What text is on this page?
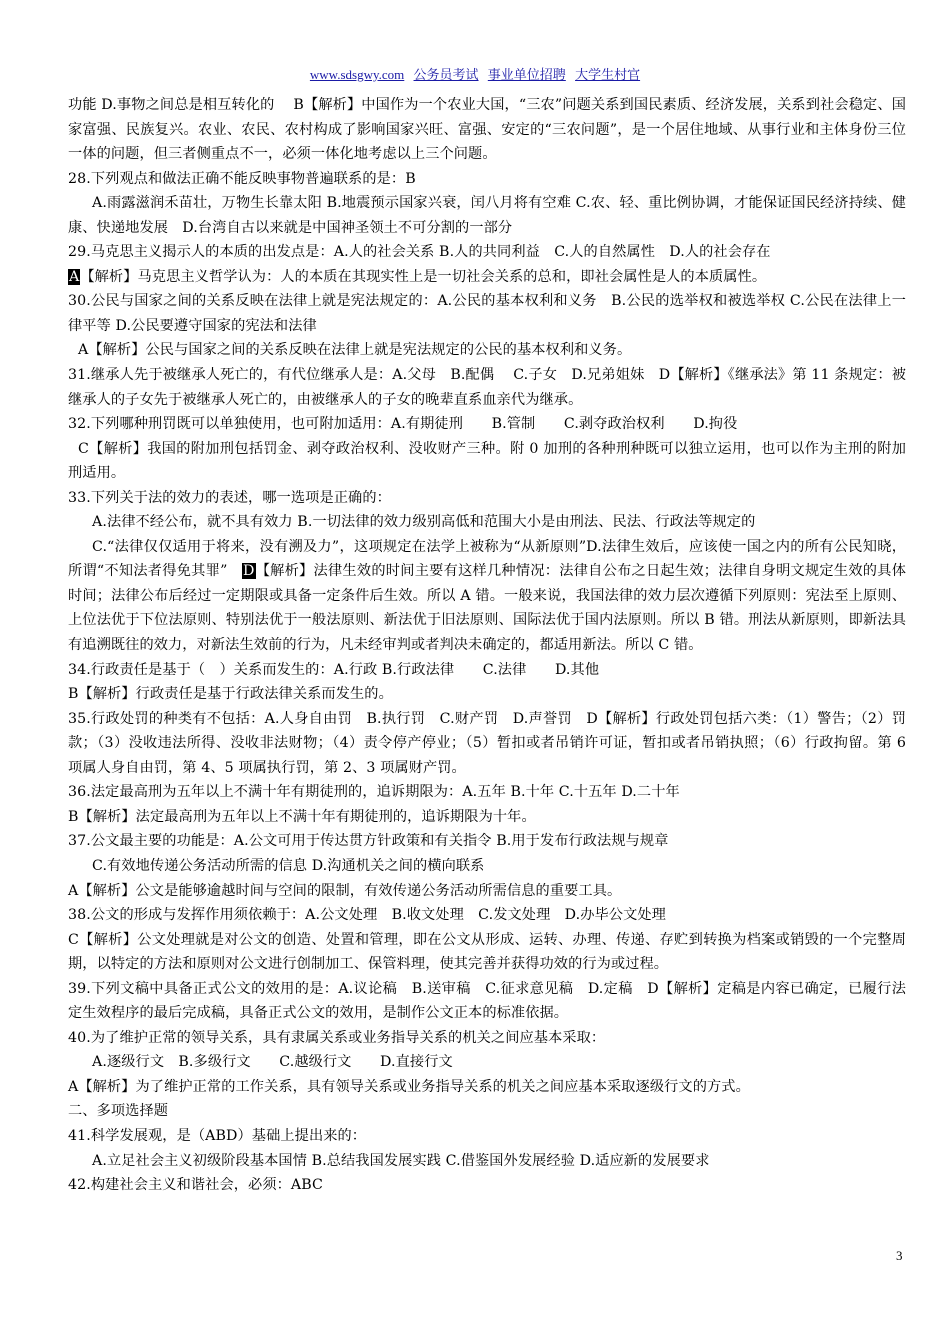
www.sdsgwy.com 公务员考试 事业单位招聘 大学生村官

功能 D.事物之间总是相互转化的　 B【解析】中国作为一个农业大国，“三农”问题关系到国民素质、经济发展，关系到社会稳定、国家富强、民族复兴。农业、农民、农村构成了影响国家兴旺、富强、安定的“三农问题”，是一个居住地域、从事行业和主体身份三位一体的问题，但三者侧重点不一，必须一体化地考虑以上三个问题。

28.下列观点和做法正确不能反映事物普遍联系的是：B

A.雨露滋润禾苗壮，万物生长靠太阳 B.地震预示国家兴衰，闰八月将有空难 C.农、轻、重比例协调，才能保证国民经济持续、健康、快递地发展　D.台湾自古以来就是中国神圣领土不可分割的一部分

29.马克思主义揭示人的本质的出发点是：A.人的社会关系 B.人的共同利益　C.人的自然属性　D.人的社会存在

A【解析】马克思主义哲学认为：人的本质在其现实性上是一切社会关系的总和，即社会属性是人的本质属性。

30.公民与国家之间的关系反映在法律上就是宪法规定的：A.公民的基本权利和义务　B.公民的选举权和被选举权 C.公民在法律上一律平等 D.公民要遵守国家的宪法和法律

A【解析】公民与国家之间的关系反映在法律上就是宪法规定的公民的基本权利和义务。

31.继承人先于被继承人死亡的，有代位继承人是：A.父母　B.配偶　 C.子女　D.兄弟姐妹　D【解析】《继承法》第 11 条规定：被继承人的子女先于被继承人死亡的，由被继承人的子女的晚辈直系血亲代为继承。

32.下列哪种刑罚既可以单独使用，也可附加适用：A.有期徒刑　　B.管制　　C.剥夺政治权利　　D.拘役

C【解析】我国的附加刑包括罚金、剥夺政治权利、没收财产三种。附 0 加刑的各种刑种既可以独立运用，也可以作为主刑的附加刑适用。

33.下列关于法的效力的表述，哪一选项是正确的：

A.法律不经公布，就不具有效力 B.一切法律的效力级别高低和范围大小是由刑法、民法、行政法等规定的

C.“法律仅仅适用于将来，没有溯及力”，这项规定在法学上被称为“从新原则”D.法律生效后，应该使一国之内的所有公民知晓，所谓“不知法者得免其罪”　D【解析】法律生效的时间主要有这样几种情况：法律自公布之日起生效；法律自身明文规定生效的具体时间；法律公布后经过一定期限或具备一定条件后生效。所以 A 错。一般来说，我国法律的效力层次遵循下列原则：宪法至上原则、上位法优于下位法原则、特别法优于一般法原则、新法优于旧法原则、国际法优于国内法原则。所以 B 错。刑法从新原则，即新法具有追溯既往的效力，对新法生效前的行为，凡未经审判或者判决未确定的，都适用新法。所以 C 错。

34.行政责任是基于（　）关系而发生的：A.行政 B.行政法律　　C.法律　　D.其他

B【解析】行政责任是基于行政法律关系而发生的。

35.行政处罚的种类有不包括：A.人身自由罚　B.执行罚　C.财产罚　D.声誉罚　D【解析】行政处罚包括六类：（1）警告；（2）罚款；（3）没收违法所得、没收非法财物；（4）责令停产停业；（5）暂扣或者吊销许可证，暂扣或者吊销执照；（6）行政拘留。第 6 项属人身自由罚，第 4、5 项属执行罚，第 2、3 项属财产罚。

36.法定最高刑为五年以上不满十年有期徒刑的，追诉期限为：A.五年 B.十年 C.十五年 D.二十年

B【解析】法定最高刑为五年以上不满十年有期徒刑的，追诉期限为十年。

37.公文最主要的功能是：A.公文可用于传达贯方针政策和有关指令 B.用于发布行政法规与规章

C.有效地传递公务活动所需的信息 D.沟通机关之间的横向联系

A【解析】公文是能够逾越时间与空间的限制，有效传递公务活动所需信息的重要工具。

38.公文的形成与发挥作用须依赖于：A.公文处理　B.收文处理　C.发文处理　D.办毕公文处理

C【解析】公文处理就是对公文的创造、处置和管理，即在公文从形成、运转、办理、传递、存贮到转换为档案或销毁的一个完整周期，以特定的方法和原则对公文进行创制加工、保管料理，使其完善并获得功效的行为或过程。

39.下列文稿中具备正式公文的效用的是：A.议论稿　B.送审稿　C.征求意见稿　D.定稿　D【解析】定稿是内容已确定，已履行法定生效程序的最后完成稿，具备正式公文的效用，是制作公文正本的标准依据。

40.为了维护正常的领导关系，具有隶属关系或业务指导关系的机关之间应基本采取：

A.逐级行文　B.多级行文　　C.越级行文　　D.直接行文

A【解析】为了维护正常的工作关系，具有领导关系或业务指导关系的机关之间应基本采取逐级行文的方式。

二、多项选择题

41.科学发展观，是（ABD）基础上提出来的：

A.立足社会主义初级阶段基本国情 B.总结我国发展实践 C.借鉴国外发展经验 D.适应新的发展要求

42.构建社会主义和谐社会，必须：ABC

3
